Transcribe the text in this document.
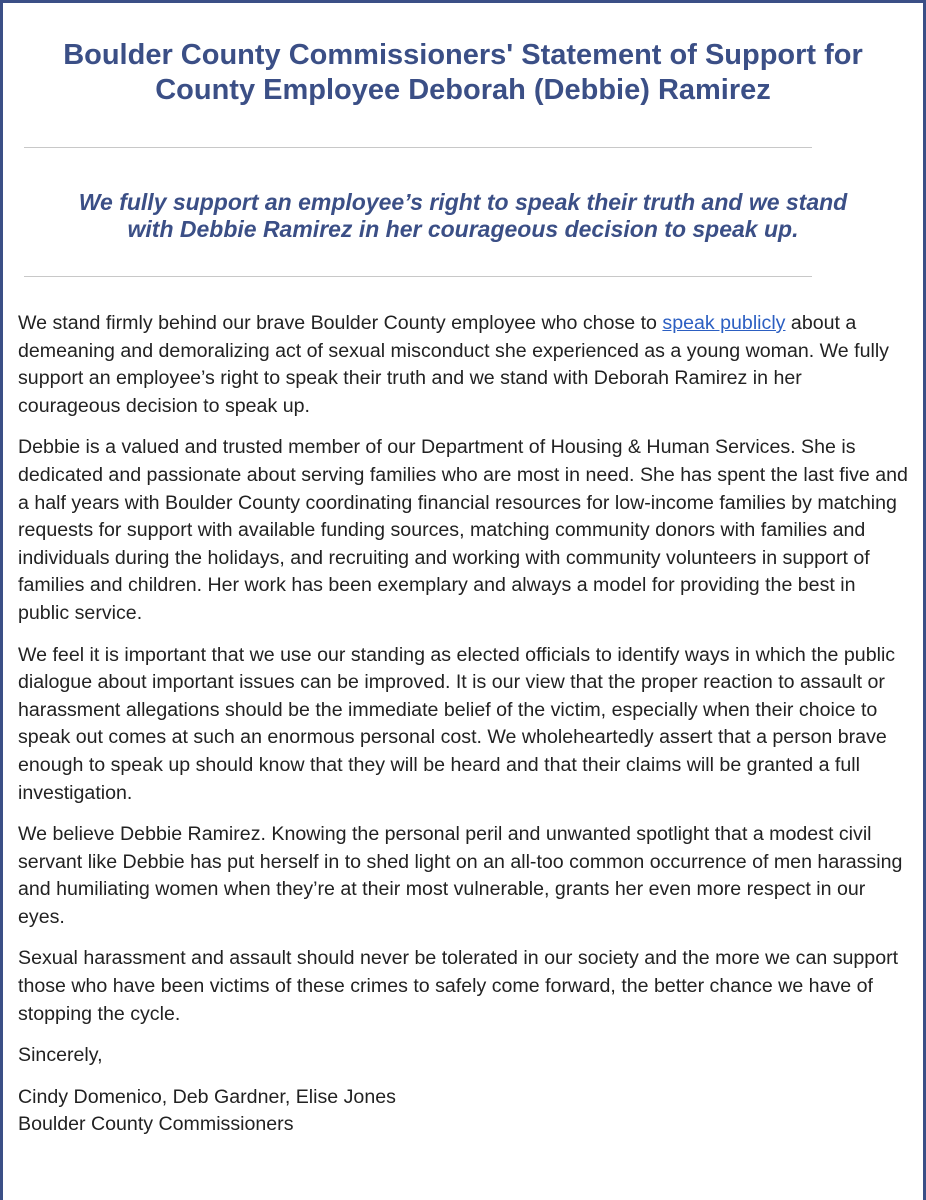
Boulder County Commissioners' Statement of Support for
County Employee Deborah (Debbie) Ramirez
We fully support an employee’s right to speak their truth and we stand
with Debbie Ramirez in her courageous decision to speak up.

We stand firmly behind our brave Boulder County employee who chose to speak publicly about a demeaning and demoralizing act of sexual misconduct she experienced as a young woman. We fully support an employee’s right to speak their truth and we stand with Deborah Ramirez in her courageous decision to speak up.

Debbie is a valued and trusted member of our Department of Housing & Human Services. She is dedicated and passionate about serving families who are most in need. She has spent the last five and a half years with Boulder County coordinating financial resources for low-income families by matching requests for support with available funding sources, matching community donors with families and individuals during the holidays, and recruiting and working with community volunteers in support of families and children. Her work has been exemplary and always a model for providing the best in public service.

We feel it is important that we use our standing as elected officials to identify ways in which the public dialogue about important issues can be improved. It is our view that the proper reaction to assault or harassment allegations should be the immediate belief of the victim, especially when their choice to speak out comes at such an enormous personal cost. We wholeheartedly assert that a person brave enough to speak up should know that they will be heard and that their claims will be granted a full investigation.

We believe Debbie Ramirez. Knowing the personal peril and unwanted spotlight that a modest civil servant like Debbie has put herself in to shed light on an all-too common occurrence of men harassing and humiliating women when they’re at their most vulnerable, grants her even more respect in our eyes.

Sexual harassment and assault should never be tolerated in our society and the more we can support those who have been victims of these crimes to safely come forward, the better chance we have of stopping the cycle.

Sincerely,

Cindy Domenico, Deb Gardner, Elise Jones
Boulder County Commissioners
